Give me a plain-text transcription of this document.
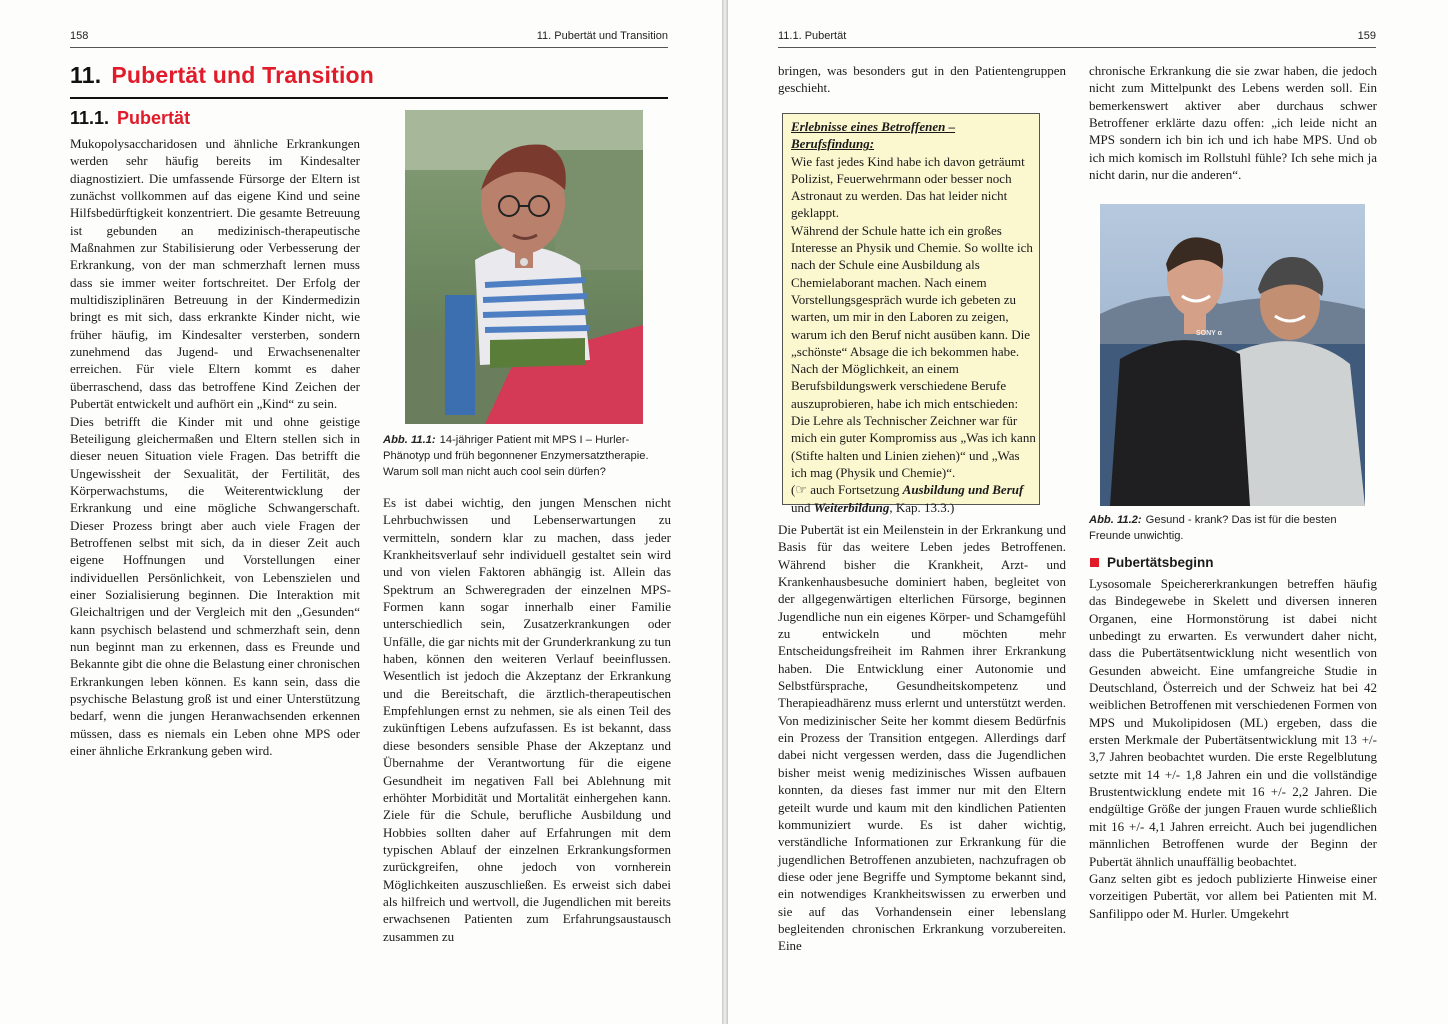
158	11. Pubertät und Transition
11. Pubertät und Transition
11.1. Pubertät

Mukopolysaccharidosen und ähnliche Erkrankungen werden sehr häufig bereits im Kindesalter diagnostiziert. Die umfassende Fürsorge der Eltern ist zunächst vollkommen auf das eigene Kind und seine Hilfsbedürftigkeit konzentriert. Die gesamte Betreuung ist gebunden an medizinisch-therapeutische Maßnahmen zur Stabilisierung oder Verbesserung der Erkrankung, von der man schmerzhaft lernen muss dass sie immer weiter fortschreitet. Der Erfolg der multidisziplinären Betreuung in der Kindermedizin bringt es mit sich, dass erkrankte Kinder nicht, wie früher häufig, im Kindesalter versterben, sondern zunehmend das Jugend- und Erwachsenenalter erreichen. Für viele Eltern kommt es daher überraschend, dass das betroffene Kind Zeichen der Pubertät entwickelt und aufhört ein „Kind“ zu sein.

Dies betrifft die Kinder mit und ohne geistige Beteiligung gleichermaßen und Eltern stellen sich in dieser neuen Situation viele Fragen. Das betrifft die Ungewissheit der Sexualität, der Fertilität, des Körperwachstums, die Weiterentwicklung der Erkrankung und eine mögliche Schwangerschaft. Dieser Prozess bringt aber auch viele Fragen der Betroffenen selbst mit sich, da in dieser Zeit auch eigene Hoffnungen und Vorstellungen einer individuellen Persönlichkeit, von Lebenszielen und einer Sozialisierung beginnen. Die Interaktion mit Gleichaltrigen und der Vergleich mit den „Gesunden“ kann psychisch belastend und schmerzhaft sein, denn nun beginnt man zu erkennen, dass es Freunde und Bekannte gibt die ohne die Belastung einer chronischen Erkrankungen leben können. Es kann sein, dass die psychische Belastung groß ist und einer Unterstützung bedarf, wenn die jungen Heranwachsenden erkennen müssen, dass es niemals ein Leben ohne MPS oder einer ähnliche Erkrankung geben wird.

Abb. 11.1: 14-jähriger Patient mit MPS I – Hurler-Phänotyp und früh begonnener Enzymersatztherapie. Warum soll man nicht auch cool sein dürfen?

Es ist dabei wichtig, den jungen Menschen nicht Lehrbuchwissen und Lebenserwartungen zu vermitteln, sondern klar zu machen, dass jeder Krankheitsverlauf sehr individuell gestaltet sein wird und von vielen Faktoren abhängig ist. Allein das Spektrum an Schweregraden der einzelnen MPS-Formen kann sogar innerhalb einer Familie unterschiedlich sein, Zusatzerkrankungen oder Unfälle, die gar nichts mit der Grunderkrankung zu tun haben, können den weiteren Verlauf beeinflussen. Wesentlich ist jedoch die Akzeptanz der Erkrankung und die Bereitschaft, die ärztlich-therapeutischen Empfehlungen ernst zu nehmen, sie als einen Teil des zukünftigen Lebens aufzufassen. Es ist bekannt, dass diese besonders sensible Phase der Akzeptanz und Übernahme der Verantwortung für die eigene Gesundheit im negativen Fall bei Ablehnung mit erhöhter Morbidität und Mortalität einhergehen kann. Ziele für die Schule, berufliche Ausbildung und Hobbies sollten daher auf Erfahrungen mit dem typischen Ablauf der einzelnen Erkrankungsformen zurückgreifen, ohne jedoch von vornherein Möglichkeiten auszuschließen. Es erweist sich dabei als hilfreich und wertvoll, die Jugendlichen mit bereits erwachsenen Patienten zum Erfahrungsaustausch zusammen zu

11.1. Pubertät	159

bringen, was besonders gut in den Patientengruppen geschieht.

Erlebnisse eines Betroffenen – Berufsfindung:

Wie fast jedes Kind habe ich davon geträumt Polizist, Feuerwehrmann oder besser noch Astronaut zu werden. Das hat leider nicht geklappt.

Während der Schule hatte ich ein großes Interesse an Physik und Chemie. So wollte ich nach der Schule eine Ausbildung als Chemielaborant machen. Nach einem Vorstellungsgespräch wurde ich gebeten zu warten, um mir in den Laboren zu zeigen, warum ich den Beruf nicht ausüben kann. Die „schönste“ Absage die ich bekommen habe.

Nach der Möglichkeit, an einem Berufsbildungswerk verschiedene Berufe auszuprobieren, habe ich mich entschieden: Die Lehre als Technischer Zeichner war für mich ein guter Kompromiss aus „Was ich kann (Stifte halten und Linien ziehen)“ und „Was ich mag (Physik und Chemie)“.

(☞ auch Fortsetzung Ausbildung und Beruf und Weiterbildung, Kap. 13.3.)

Die Pubertät ist ein Meilenstein in der Erkrankung und Basis für das weitere Leben jedes Betroffenen. Während bisher die Krankheit, Arzt- und Krankenhausbesuche dominiert haben, begleitet von der allgegenwärtigen elterlichen Fürsorge, beginnen Jugendliche nun ein eigenes Körper- und Schamgefühl zu entwickeln und möchten mehr Entscheidungsfreiheit im Rahmen ihrer Erkrankung haben. Die Entwicklung einer Autonomie und Selbstfürsprache, Gesundheitskompetenz und Therapieadhärenz muss erlernt und unterstützt werden. Von medizinischer Seite her kommt diesem Bedürfnis ein Prozess der Transition entgegen. Allerdings darf dabei nicht vergessen werden, dass die Jugendlichen bisher meist wenig medizinisches Wissen aufbauen konnten, da dieses fast immer nur mit den Eltern geteilt wurde und kaum mit den kindlichen Patienten kommuniziert wurde. Es ist daher wichtig, verständliche Informationen zur Erkrankung für die jugendlichen Betroffenen anzubieten, nachzufragen ob diese oder jene Begriffe und Symptome bekannt sind, ein notwendiges Krankheitswissen zu erwerben und sie auf das Vorhandensein einer lebenslang begleitenden chronischen Erkrankung vorzubereiten. Eine

chronische Erkrankung die sie zwar haben, die jedoch nicht zum Mittelpunkt des Lebens werden soll. Ein bemerkenswert aktiver aber durchaus schwer Betroffener erklärte dazu offen: „ich leide nicht an MPS sondern ich bin ich und ich habe MPS. Und ob ich mich komisch im Rollstuhl fühle? Ich sehe mich ja nicht darin, nur die anderen“.

SONY α
Abb. 11.2: Gesund - krank? Das ist für die besten Freunde unwichtig.
Pubertätsbeginn

Lysosomale Speichererkrankungen betreffen häufig das Bindegewebe in Skelett und diversen inneren Organen, eine Hormonstörung ist dabei nicht unbedingt zu erwarten. Es verwundert daher nicht, dass die Pubertätsentwicklung nicht wesentlich von Gesunden abweicht. Eine umfangreiche Studie in Deutschland, Österreich und der Schweiz hat bei 42 weiblichen Betroffenen mit verschiedenen Formen von MPS und Mukolipidosen (ML) ergeben, dass die ersten Merkmale der Pubertätsentwicklung mit 13 +/- 3,7 Jahren beobachtet wurden. Die erste Regelblutung setzte mit 14 +/- 1,8 Jahren ein und die vollständige Brustentwicklung endete mit 16 +/- 2,2 Jahren. Die endgültige Größe der jungen Frauen wurde schließlich mit 16 +/- 4,1 Jahren erreicht. Auch bei jugendlichen männlichen Betroffenen wurde der Beginn der Pubertät ähnlich unauffällig beobachtet.

Ganz selten gibt es jedoch publizierte Hinweise einer vorzeitigen Pubertät, vor allem bei Patienten mit M. Sanfilippo oder M. Hurler. Umgekehrt
